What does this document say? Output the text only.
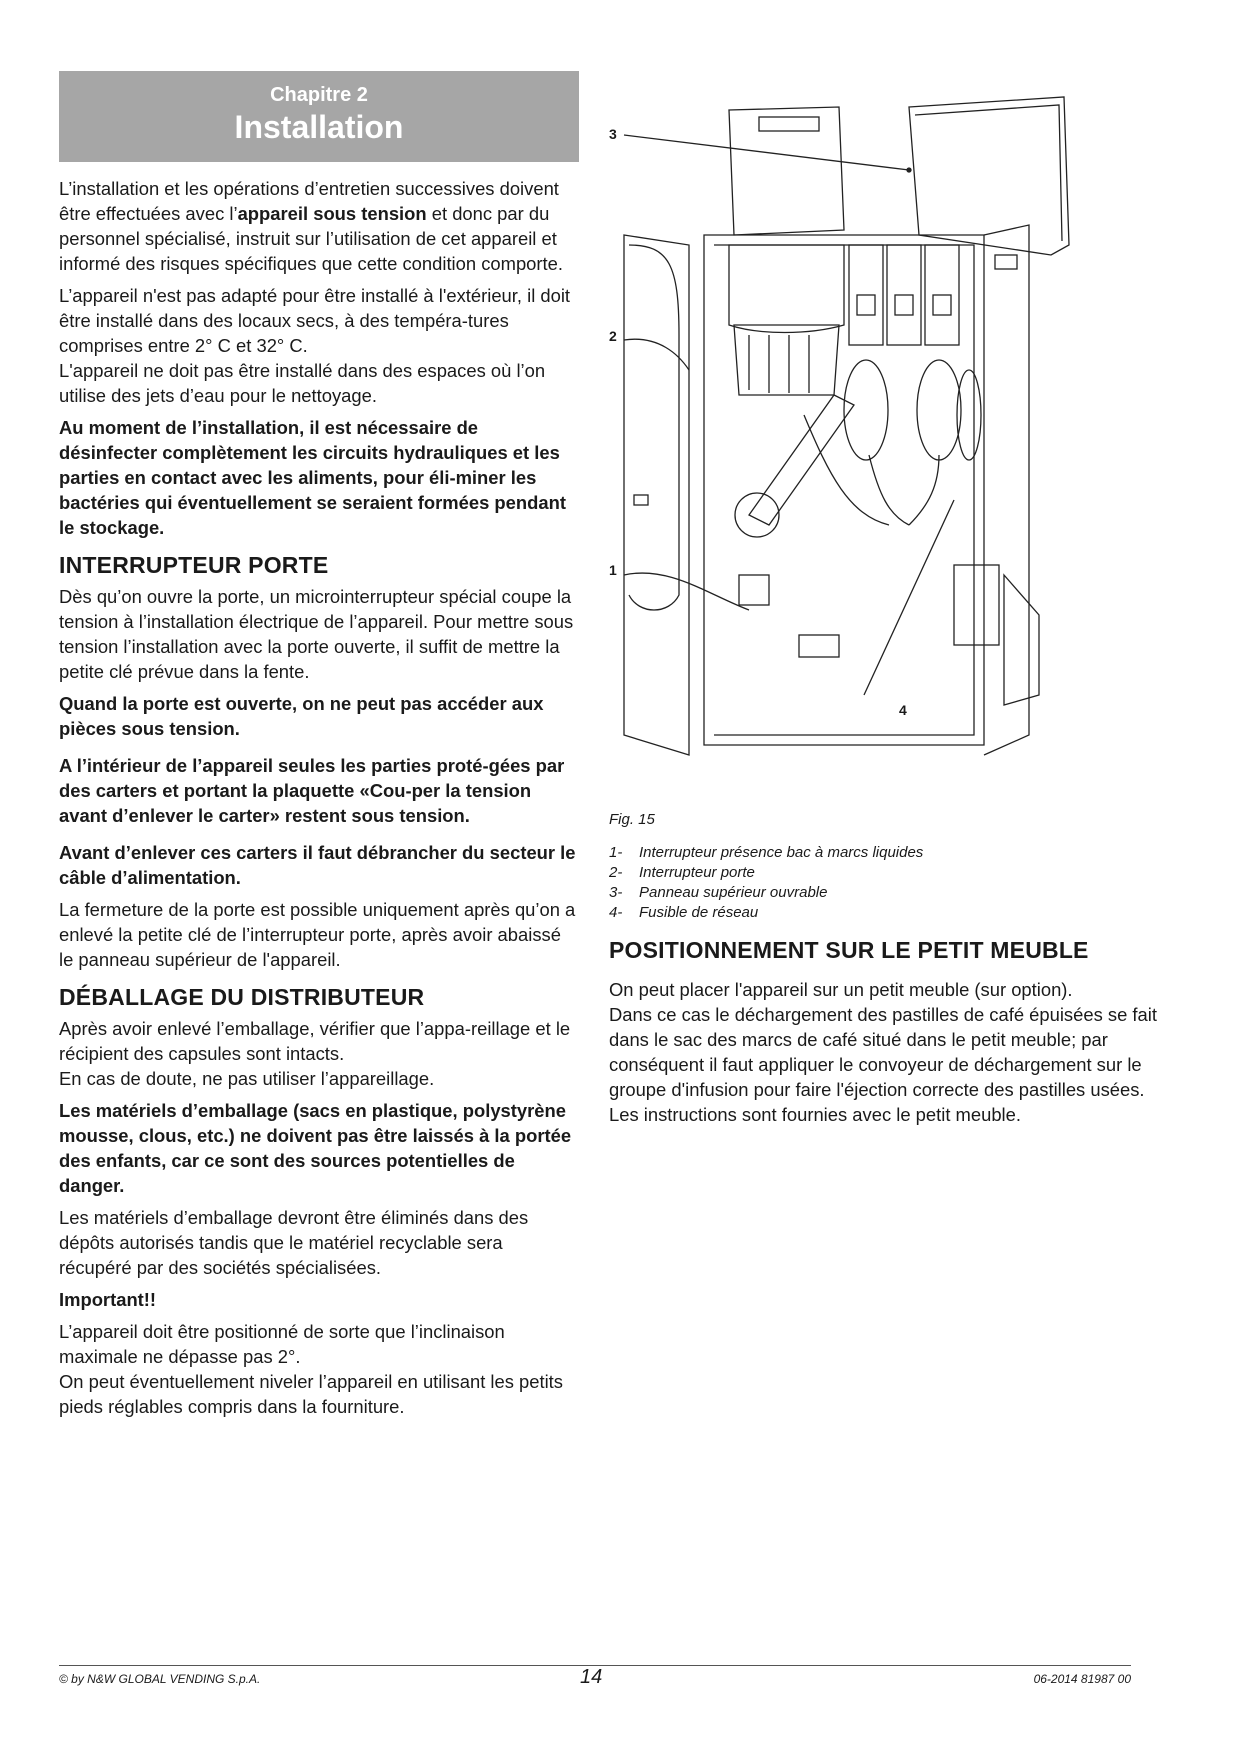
Chapitre 2
Installation

L’installation et les opérations d’entretien successives doivent être effectuées avec l’appareil sous tension et donc par du personnel spécialisé, instruit sur l’utilisation de cet appareil et informé des risques spécifiques que cette condition comporte.

L’appareil n'est pas adapté pour être installé à l'extérieur, il doit être installé dans des locaux secs, à des tempéra-tures comprises entre 2° C et 32° C.

L'appareil ne doit pas être installé dans des espaces où l’on utilise des jets d’eau pour le nettoyage.

Au moment de l’installation, il est nécessaire de désinfecter complètement les circuits hydrauliques et les parties en contact avec les aliments, pour éli-miner les bactéries qui éventuellement se seraient formées pendant le stockage.

INTERRUPTEUR PORTE

Dès qu’on ouvre la porte, un microinterrupteur spécial coupe la tension à l’installation électrique de l’appareil. Pour mettre sous tension l’installation avec la porte ouverte, il suffit de mettre la petite clé prévue dans la fente.

Quand la porte est ouverte, on ne peut pas accéder aux pièces sous tension.

A l’intérieur de l’appareil seules les parties proté-gées par des carters et portant la plaquette «Cou-per la tension avant d’enlever le carter» restent sous tension.

Avant d’enlever ces carters il faut débrancher du secteur le câble d’alimentation.

La fermeture de la porte est possible uniquement après qu’on a enlevé la petite clé de l’interrupteur porte, après avoir abaissé le panneau supérieur de l'appareil.

DÉBALLAGE DU DISTRIBUTEUR

Après avoir enlevé l’emballage, vérifier que l’appa-reillage et le récipient des capsules sont intacts.

En cas de doute, ne pas utiliser l’appareillage.

Les matériels d’emballage (sacs en plastique, polystyrène mousse, clous, etc.) ne doivent pas être laissés à la portée des enfants, car ce sont des sources potentielles de danger.

Les matériels d’emballage devront être éliminés dans des dépôts autorisés tandis que le matériel recyclable sera récupéré par des sociétés spécialisées.

Important!!

L’appareil doit être positionné de sorte que l’inclinaison maximale ne dépasse pas 2°.

On peut éventuellement niveler l’appareil en utilisant les petits pieds réglables compris dans la fourniture.

3
2
1
4
Fig. 15
1-	Interrupteur présence bac à marcs liquides
2-	Interrupteur porte
3-	Panneau supérieur ouvrable
4-	Fusible de réseau
POSITIONNEMENT SUR LE PETIT MEUBLE

On peut placer l'appareil sur un petit meuble (sur option).

Dans ce cas le déchargement des pastilles de café épuisées se fait dans le sac des marcs de café situé dans le petit meuble; par conséquent il faut appliquer le convoyeur de déchargement sur le groupe d'infusion pour faire l'éjection correcte des pastilles usées.

Les instructions sont fournies avec le petit meuble.

© by N&W GLOBAL VENDING S.p.A.	14	06-2014 81987 00
